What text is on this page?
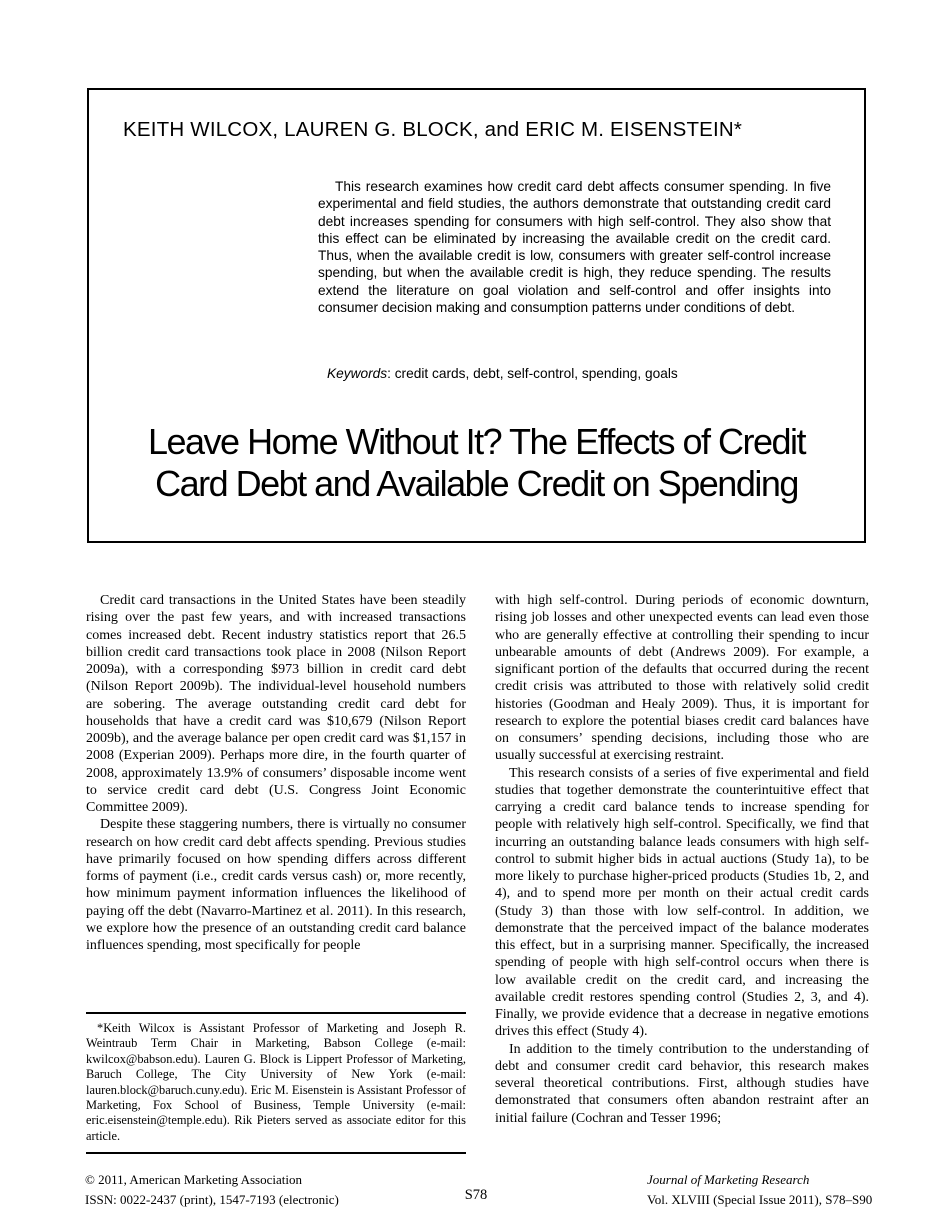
KEITH WILCOX, LAUREN G. BLOCK, and ERIC M. EISENSTEIN*
This research examines how credit card debt affects consumer spending. In five experimental and field studies, the authors demonstrate that outstanding credit card debt increases spending for consumers with high self-control. They also show that this effect can be eliminated by increasing the available credit on the credit card. Thus, when the available credit is low, consumers with greater self-control increase spending, but when the available credit is high, they reduce spending. The results extend the literature on goal violation and self-control and offer insights into consumer decision making and consumption patterns under conditions of debt.
Keywords: credit cards, debt, self-control, spending, goals
Leave Home Without It? The Effects of Credit
Card Debt and Available Credit on Spending

Credit card transactions in the United States have been steadily rising over the past few years, and with increased transactions comes increased debt. Recent industry statistics report that 26.5 billion credit card transactions took place in 2008 (Nilson Report 2009a), with a corresponding $973 billion in credit card debt (Nilson Report 2009b). The individual-level household numbers are sobering. The average outstanding credit card debt for households that have a credit card was $10,679 (Nilson Report 2009b), and the average balance per open credit card was $1,157 in 2008 (Experian 2009). Perhaps more dire, in the fourth quarter of 2008, approximately 13.9% of consumers’ disposable income went to service credit card debt (U.S. Congress Joint Economic Committee 2009).

Despite these staggering numbers, there is virtually no consumer research on how credit card debt affects spending. Previous studies have primarily focused on how spending differs across different forms of payment (i.e., credit cards versus cash) or, more recently, how minimum payment information influences the likelihood of paying off the debt (Navarro-Martinez et al. 2011). In this research, we explore how the presence of an outstanding credit card balance influences spending, most specifically for people

*Keith Wilcox is Assistant Professor of Marketing and Joseph R. Weintraub Term Chair in Marketing, Babson College (e-mail: kwilcox@babson.edu). Lauren G. Block is Lippert Professor of Marketing, Baruch College, The City University of New York (e-mail: lauren.block@baruch.cuny.edu). Eric M. Eisenstein is Assistant Professor of Marketing, Fox School of Business, Temple University (e-mail: eric.eisenstein@temple.edu). Rik Pieters served as associate editor for this article.

with high self-control. During periods of economic downturn, rising job losses and other unexpected events can lead even those who are generally effective at controlling their spending to incur unbearable amounts of debt (Andrews 2009). For example, a significant portion of the defaults that occurred during the recent credit crisis was attributed to those with relatively solid credit histories (Goodman and Healy 2009). Thus, it is important for research to explore the potential biases credit card balances have on consumers’ spending decisions, including those who are usually successful at exercising restraint.

This research consists of a series of five experimental and field studies that together demonstrate the counterintuitive effect that carrying a credit card balance tends to increase spending for people with relatively high self-control. Specifically, we find that incurring an outstanding balance leads consumers with high self-control to submit higher bids in actual auctions (Study 1a), to be more likely to purchase higher-priced products (Studies 1b, 2, and 4), and to spend more per month on their actual credit cards (Study 3) than those with low self-control. In addition, we demonstrate that the perceived impact of the balance moderates this effect, but in a surprising manner. Specifically, the increased spending of people with high self-control occurs when there is low available credit on the credit card, and increasing the available credit restores spending control (Studies 2, 3, and 4). Finally, we provide evidence that a decrease in negative emotions drives this effect (Study 4).

In addition to the timely contribution to the understanding of debt and consumer credit card behavior, this research makes several theoretical contributions. First, although studies have demonstrated that consumers often abandon restraint after an initial failure (Cochran and Tesser 1996;

© 2011, American Marketing Association
ISSN: 0022-2437 (print), 1547-7193 (electronic)	S78
Journal of Marketing Research
Vol. XLVIII (Special Issue 2011), S78–S90
